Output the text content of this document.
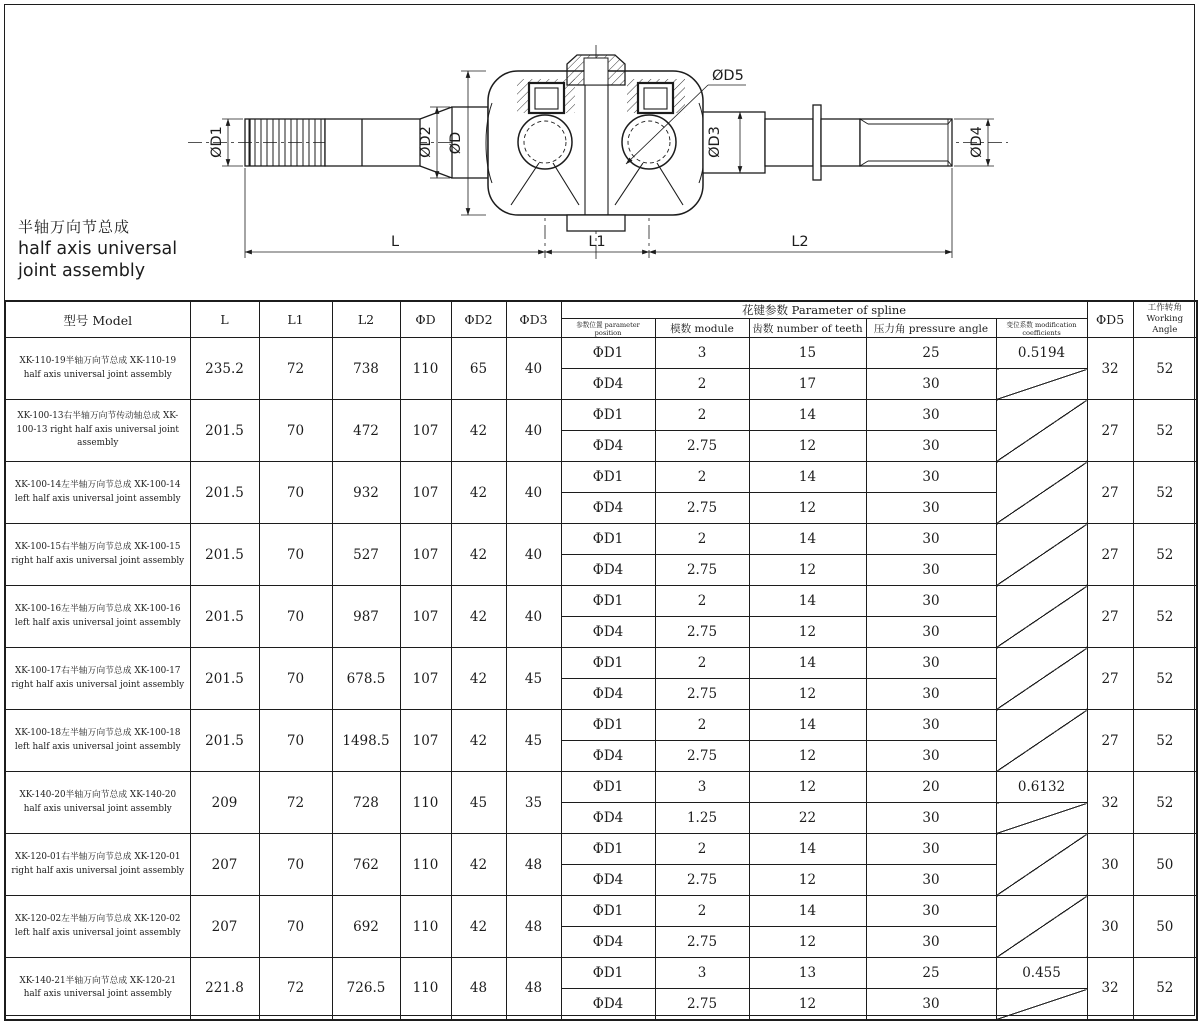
ØD1	ØD2 ØD	ØD3	ØD4
ØD5
L	L1	L2
半轴万向节总成
half axis universal
joint assembly
型号 Model	L	L1	L2	ΦD	ΦD2	ΦD3	花键参数 Parameter of spline					ΦD5	工作转角
Working Angle

							参数位置 parameter position	模数 module	齿数 number of teeth	压力角 pressure angle	变位系数 modification coefficients		
XK-110-19半轴万向节总成 XK-110-19 half axis universal joint assembly	235.2	72	738	110	65	40	ΦD1	3	15	25	0.5194	32	52
							ΦD4	2	17	30			
XK-100-13右半轴万向节传动轴总成 XK-100-13 right half axis universal joint assembly	201.5	70	472	107	42	40	ΦD1	2	14	30		27	52
							ΦD4	2.75	12	30			
XK-100-14左半轴万向节总成 XK-100-14 left half axis universal joint assembly	201.5	70	932	107	42	40	ΦD1	2	14	30		27	52
							ΦD4	2.75	12	30			
XK-100-15右半轴万向节总成 XK-100-15 right half axis universal joint assembly	201.5	70	527	107	42	40	ΦD1	2	14	30		27	52
							ΦD4	2.75	12	30			
XK-100-16左半轴万向节总成 XK-100-16 left half axis universal joint assembly	201.5	70	987	107	42	40	ΦD1	2	14	30		27	52
							ΦD4	2.75	12	30			
XK-100-17右半轴万向节总成 XK-100-17 right half axis universal joint assembly	201.5	70	678.5	107	42	45	ΦD1	2	14	30		27	52
							ΦD4	2.75	12	30			
XK-100-18左半轴万向节总成 XK-100-18 left half axis universal joint assembly	201.5	70	1498.5	107	42	45	ΦD1	2	14	30		27	52
							ΦD4	2.75	12	30			
XK-140-20半轴万向节总成 XK-140-20 half axis universal joint assembly	209	72	728	110	45	35	ΦD1	3	12	20	0.6132	32	52
							ΦD4	1.25	22	30			
XK-120-01右半轴万向节总成 XK-120-01 right half axis universal joint assembly	207	70	762	110	42	48	ΦD1	2	14	30		30	50
							ΦD4	2.75	12	30			
XK-120-02左半轴万向节总成 XK-120-02 left half axis universal joint assembly	207	70	692	110	42	48	ΦD1	2	14	30		30	50
							ΦD4	2.75	12	30			
XK-140-21半轴万向节总成 XK-120-21 half axis universal joint assembly	221.8	72	726.5	110	48	48	ΦD1	3	13	25	0.455	32	52
							ΦD4	2.75	12	30			
